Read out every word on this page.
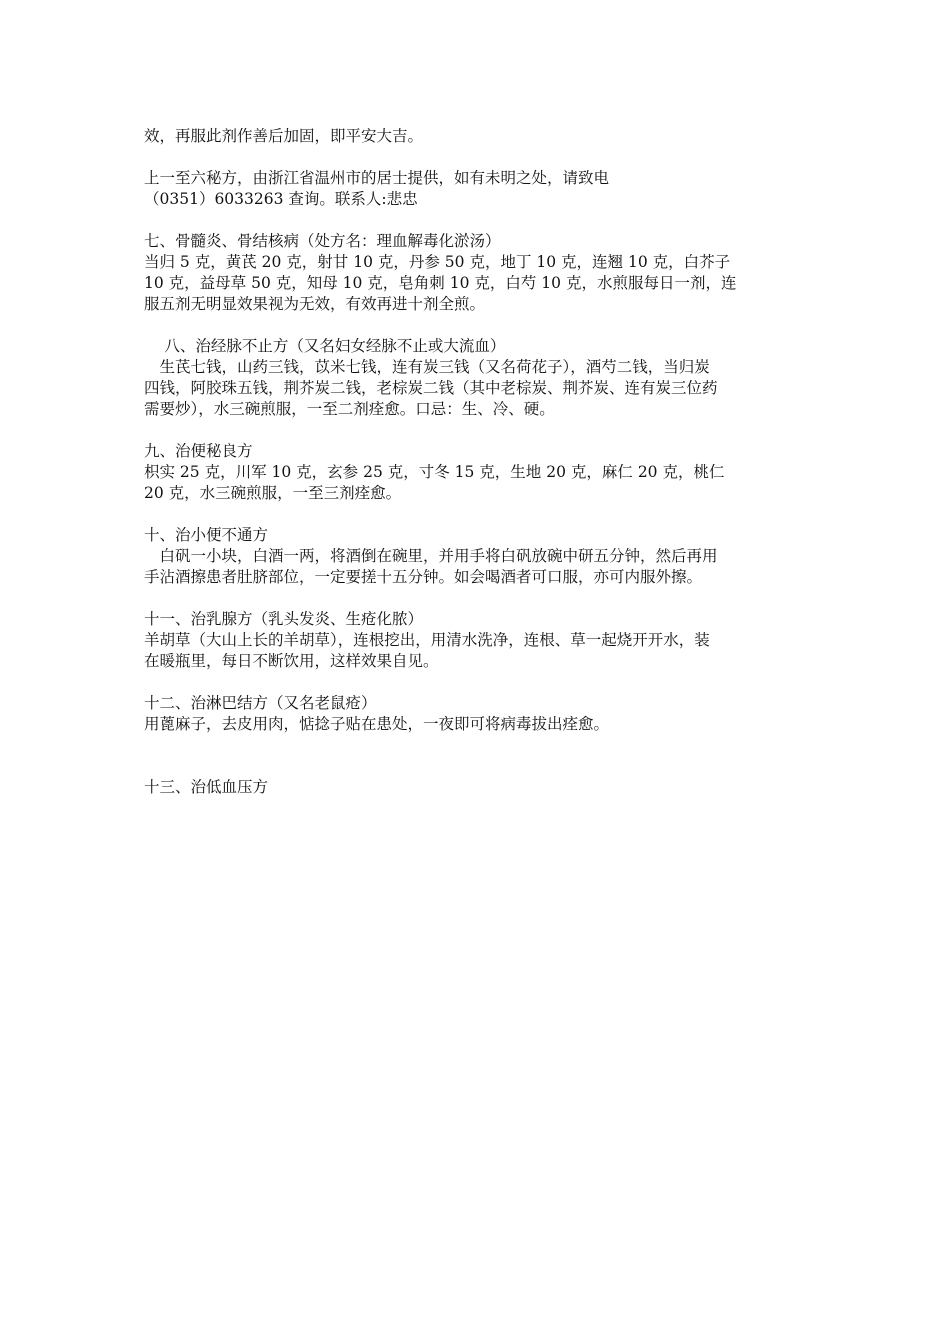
效，再服此剂作善后加固，即平安大吉。
上一至六秘方，由浙江省温州市的居士提供，如有未明之处，请致电
（0351）6033263 查询。联系人:悲忠
七、骨髓炎、骨结核病（处方名：理血解毒化淤汤）
当归 5 克，黄芪 20 克，射甘 10 克，丹参 50 克，地丁 10 克，连翘 10 克，白芥子
10 克，益母草 50 克，知母 10 克，皂角刺 10 克，白芍 10 克，水煎服每日一剂，连
服五剂无明显效果视为无效，有效再进十剂全煎。
　 八、治经脉不止方（又名妇女经脉不止或大流血）
　生芪七钱，山药三钱，苡米七钱，连有炭三钱（又名荷花子），酒芍二钱，当归炭
四钱，阿胶珠五钱，荆芥炭二钱，老棕炭二钱（其中老棕炭、荆芥炭、连有炭三位药
需要炒），水三碗煎服，一至二剂痊愈。口忌：生、冷、硬。
九、治便秘良方
枳实 25 克，川军 10 克，玄参 25 克，寸冬 15 克，生地 20 克，麻仁 20 克，桃仁
20 克，水三碗煎服，一至三剂痊愈。
十、治小便不通方
　白矾一小块，白酒一两，将酒倒在碗里，并用手将白矾放碗中研五分钟，然后再用
手沾酒擦患者肚脐部位，一定要搓十五分钟。如会喝酒者可口服，亦可内服外擦。
十一、治乳腺方（乳头发炎、生疮化脓）
羊胡草（大山上长的羊胡草），连根挖出，用清水洗净，连根、草一起烧开开水，装
在暖瓶里，每日不断饮用，这样效果自见。
十二、治淋巴结方（又名老鼠疮）
用蓖麻子，去皮用肉，惦捻子贴在患处，一夜即可将病毒拔出痊愈。
十三、治低血压方
